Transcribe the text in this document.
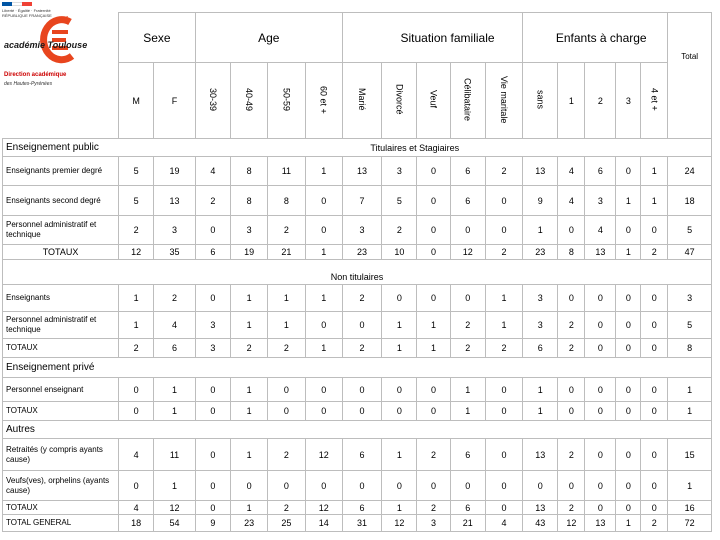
Liberté · Égalité · Fraternité RÉPUBLIQUE FRANÇAISE
académie Toulouse
Direction académique
des Hautes-Pyrénées
	Sexe		Age				Situation familiale					Enfants à charge					Total
	M	F	30-39	40-49	50-59	60 et +	Marié	Divorcé	Veuf	Célibataire	Vie maritale	sans	1	2	3	4 et +	
Enseignement public	Titulaires et Stagiaires																
Enseignants premier degré	5	19	4	8	11	1	13	3	0	6	2	13	4	6	0	1	24
Enseignants second degré	5	13	2	8	8	0	7	5	0	6	0	9	4	3	1	1	18
Personnel administratif et technique	2	3	0	3	2	0	3	2	0	0	0	1	0	4	0	0	5
TOTAUX	12	35	6	19	21	1	23	10	0	12	2	23	8	13	1	2	47
Non titulaires																	
Enseignants	1	2	0	1	1	1	2	0	0	0	1	3	0	0	0	0	3
Personnel administratif et technique	1	4	3	1	1	0	0	1	1	2	1	3	2	0	0	0	5
TOTAUX	2	6	3	2	2	1	2	1	1	2	2	6	2	0	0	0	8
Enseignement privé																	
Personnel enseignant	0	1	0	1	0	0	0	0	0	1	0	1	0	0	0	0	1
TOTAUX	0	1	0	1	0	0	0	0	0	1	0	1	0	0	0	0	1
Autres																	
Retraités (y compris ayants cause)	4	11	0	1	2	12	6	1	2	6	0	13	2	0	0	0	15
Veufs(ves), orphelins (ayants cause)	0	1	0	0	0	0	0	0	0	0	0	0	0	0	0	0	1
TOTAUX	4	12	0	1	2	12	6	1	2	6	0	13	2	0	0	0	16
TOTAL GENERAL	18	54	9	23	25	14	31	12	3	21	4	43	12	13	1	2	72
